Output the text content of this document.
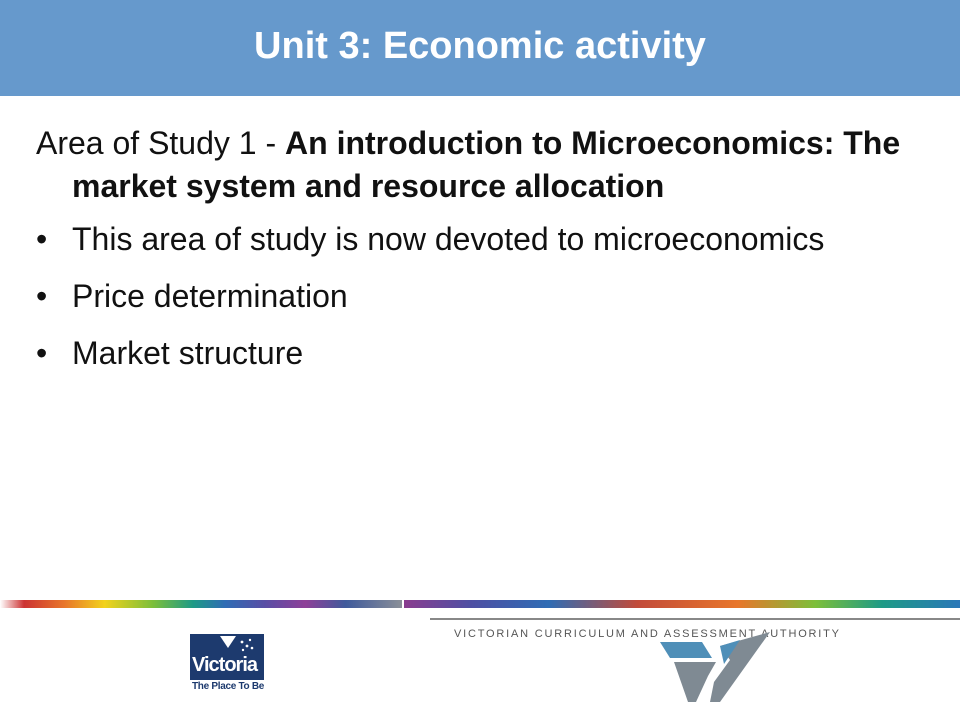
Unit 3: Economic activity

Area of Study 1 - An introduction to Microeconomics: The market system and resource allocation

• This area of study is now devoted to microeconomics
• Price determination
• Market structure
Victoria
The Place To Be
VICTORIAN CURRICULUM AND ASSESSMENT AUTHORITY
